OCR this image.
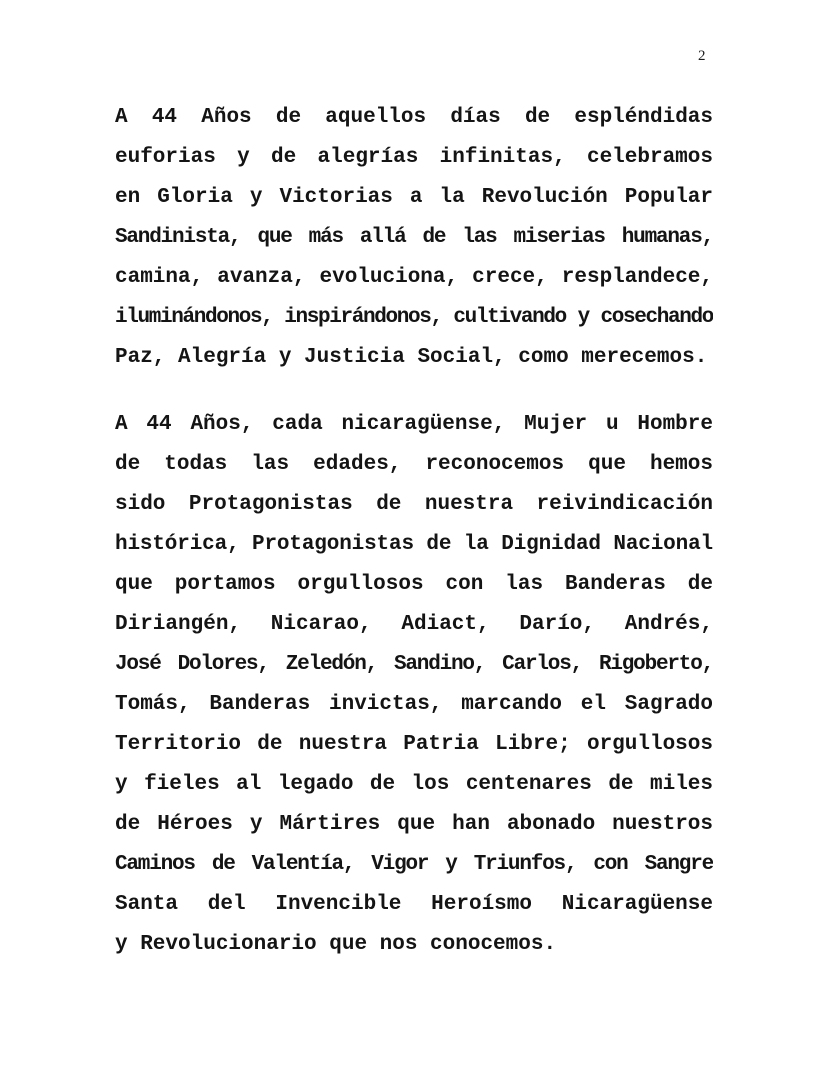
2
A 44 Años de aquellos días de espléndidas
euforias y de alegrías infinitas, celebramos
en Gloria y Victorias a la Revolución Popular
Sandinista, que más allá de las miserias humanas,
camina, avanza, evoluciona, crece, resplandece,
iluminándonos, inspirándonos, cultivando y cosechando
Paz, Alegría y Justicia Social, como merecemos.
A 44 Años, cada nicaragüense, Mujer u Hombre
de todas las edades, reconocemos que hemos
sido Protagonistas de nuestra reivindicación
histórica, Protagonistas de la Dignidad Nacional
que portamos orgullosos con las Banderas de
Diriangén, Nicarao, Adiact, Darío, Andrés,
José Dolores, Zeledón, Sandino, Carlos, Rigoberto,
Tomás, Banderas invictas, marcando el Sagrado
Territorio de nuestra Patria Libre; orgullosos
y fieles al legado de los centenares de miles
de Héroes y Mártires que han abonado nuestros
Caminos de Valentía, Vigor y Triunfos, con Sangre
Santa del Invencible Heroísmo Nicaragüense
y Revolucionario que nos conocemos.
